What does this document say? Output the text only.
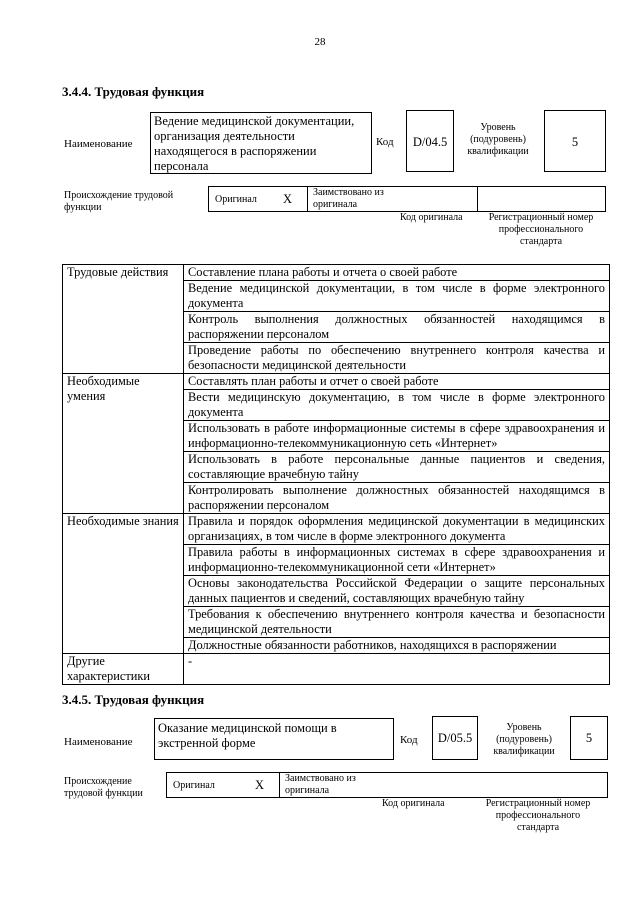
28
3.4.4. Трудовая функция
Наименование
Ведение медицинской документации, организация деятельности находящегося в распоряжении персонала
Код	D/04.5
Уровень (подуровень) квалификации
5
Происхождение трудовой функции
Оригинал X Заимствовано из оригинала
Код оригинала	Регистрационный номер профессионального стандарта
Трудовые действия	Составление плана работы и отчета о своей работе
	Ведение медицинской документации, в том числе в форме электронного документа
	Контроль выполнения должностных обязанностей находящимся в распоряжении персоналом
	Проведение работы по обеспечению внутреннего контроля качества и безопасности медицинской деятельности
Необходимые умения	Составлять план работы и отчет о своей работе
	Вести медицинскую документацию, в том числе в форме электронного документа
	Использовать в работе информационные системы в сфере здравоохранения и информационно-телекоммуникационную сеть «Интернет»
	Использовать в работе персональные данные пациентов и сведения, составляющие врачебную тайну
	Контролировать выполнение должностных обязанностей находящимся в распоряжении персоналом
Необходимые знания	Правила и порядок оформления медицинской документации в медицинских организациях, в том числе в форме электронного документа
	Правила работы в информационных системах в сфере здравоохранения и информационно-телекоммуникационной сети «Интернет»
	Основы законодательства Российской Федерации о защите персональных данных пациентов и сведений, составляющих врачебную тайну
	Требования к обеспечению внутреннего контроля качества и безопасности медицинской деятельности
	Должностные обязанности работников, находящихся в распоряжении
Другие характеристики	-
3.4.5. Трудовая функция
Наименование
Оказание медицинской помощи в экстренной форме	Код	D/05.5
Уровень (подуровень) квалификации
5
Происхождение трудовой функции
Оригинал	X Заимствовано из оригинала
Код оригинала	Регистрационный номер профессионального стандарта
